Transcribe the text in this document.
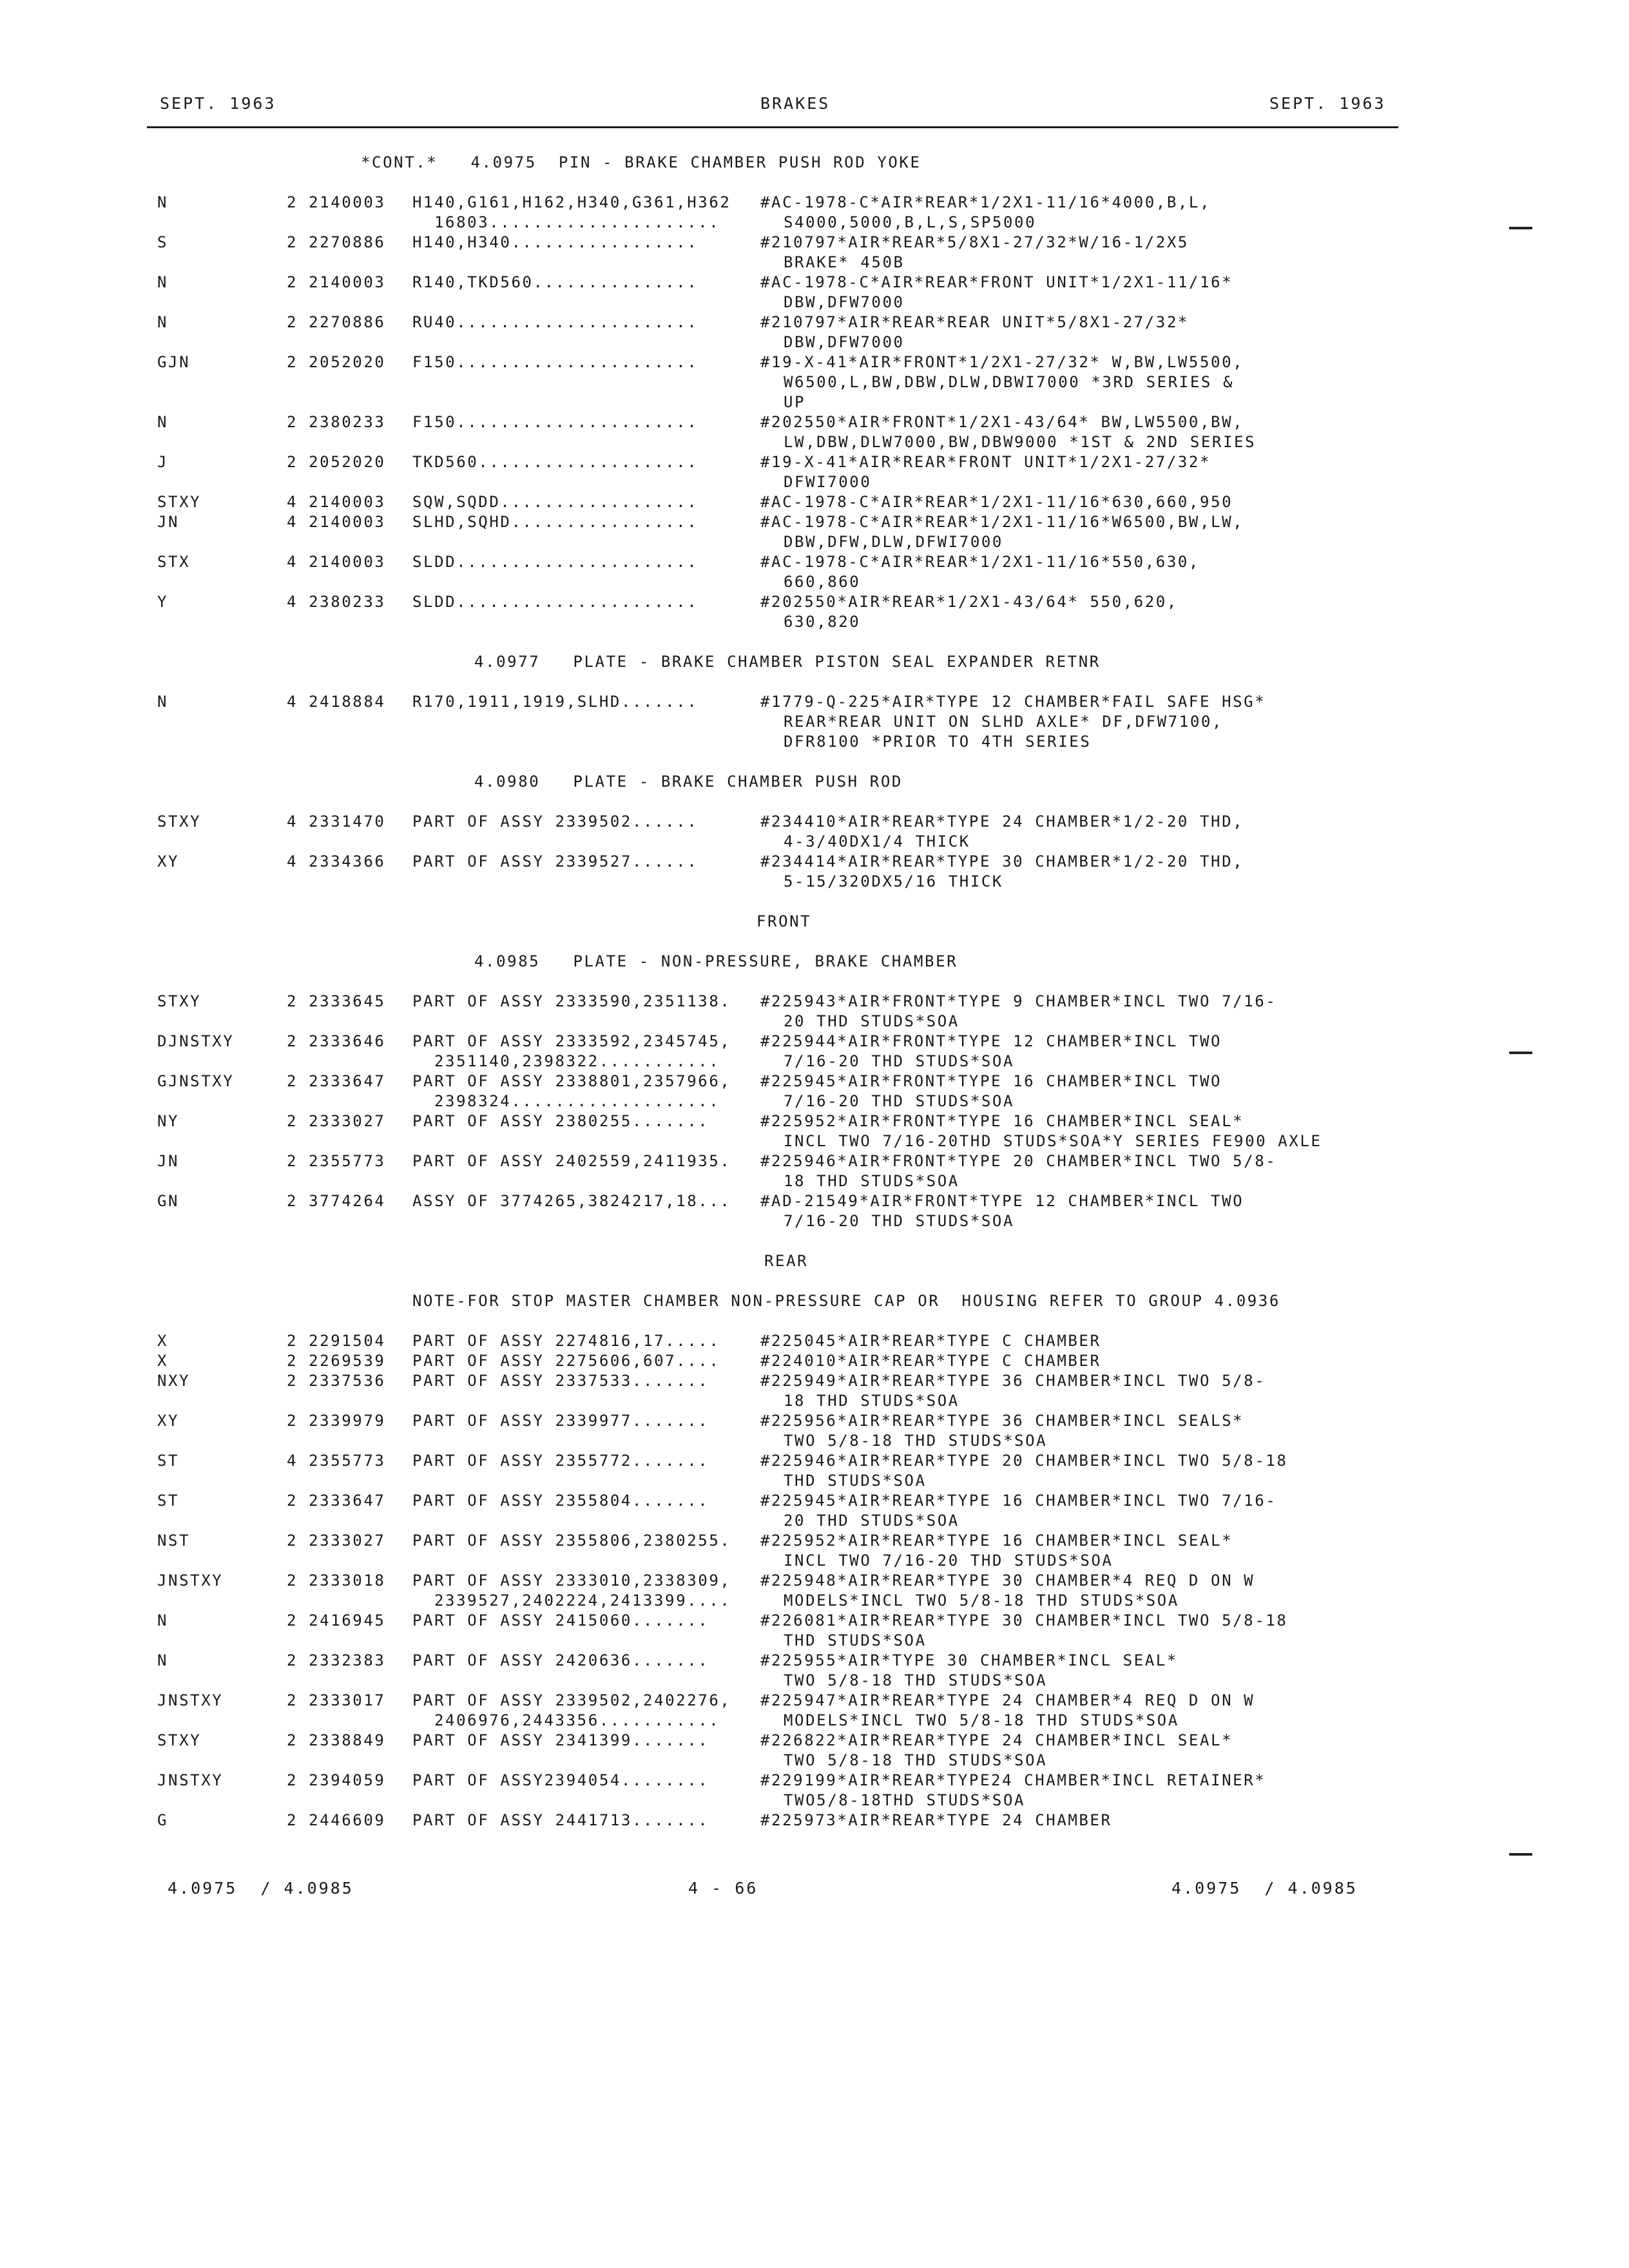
SEPT. 1963	BRAKES	SEPT. 1963
*CONT.*   4.0975  PIN - BRAKE CHAMBER PUSH ROD YOKE
N	2 2140003 H140,G161,H162,H340,G361,H362 #AC-1978-C*AIR*REAR*1/2X1-11/16*4000,B,L,
16803.....................	S4000,5000,B,L,S,SP5000
S	2 2270886 H140,H340.................	#210797*AIR*REAR*5/8X1-27/32*W/16-1/2X5
BRAKE* 450B
N	2 2140003 R140,TKD560...............	#AC-1978-C*AIR*REAR*FRONT UNIT*1/2X1-11/16*
DBW,DFW7000
N	2 2270886 RU40......................	#210797*AIR*REAR*REAR UNIT*5/8X1-27/32*
DBW,DFW7000
GJN	2 2052020 F150......................	#19-X-41*AIR*FRONT*1/2X1-27/32* W,BW,LW5500,
W6500,L,BW,DBW,DLW,DBWI7000 *3RD SERIES &
UP
N	2 2380233 F150......................	#202550*AIR*FRONT*1/2X1-43/64* BW,LW5500,BW,
LW,DBW,DLW7000,BW,DBW9000 *1ST & 2ND SERIES
J	2 2052020 TKD560....................	#19-X-41*AIR*REAR*FRONT UNIT*1/2X1-27/32*
DFWI7000
STXY	4 2140003 SQW,SQDD..................	#AC-1978-C*AIR*REAR*1/2X1-11/16*630,660,950
JN	4 2140003 SLHD,SQHD.................	#AC-1978-C*AIR*REAR*1/2X1-11/16*W6500,BW,LW,
DBW,DFW,DLW,DFWI7000
STX	4 2140003 SLDD......................	#AC-1978-C*AIR*REAR*1/2X1-11/16*550,630,
660,860
Y	4 2380233 SLDD......................	#202550*AIR*REAR*1/2X1-43/64* 550,620,
630,820
4.0977   PLATE - BRAKE CHAMBER PISTON SEAL EXPANDER RETNR
N	4 2418884 R170,1911,1919,SLHD.......	#1779-Q-225*AIR*TYPE 12 CHAMBER*FAIL SAFE HSG*
REAR*REAR UNIT ON SLHD AXLE* DF,DFW7100,
DFR8100 *PRIOR TO 4TH SERIES
4.0980   PLATE - BRAKE CHAMBER PUSH ROD
STXY	4 2331470 PART OF ASSY 2339502......	#234410*AIR*REAR*TYPE 24 CHAMBER*1/2-20 THD,
4-3/40DX1/4 THICK
XY	4 2334366 PART OF ASSY 2339527......	#234414*AIR*REAR*TYPE 30 CHAMBER*1/2-20 THD,
5-15/320DX5/16 THICK
FRONT
4.0985   PLATE - NON-PRESSURE, BRAKE CHAMBER
STXY	2 2333645 PART OF ASSY 2333590,2351138. #225943*AIR*FRONT*TYPE 9 CHAMBER*INCL TWO 7/16-
20 THD STUDS*SOA
DJNSTXY	2 2333646 PART OF ASSY 2333592,2345745, #225944*AIR*FRONT*TYPE 12 CHAMBER*INCL TWO
2351140,2398322...........	7/16-20 THD STUDS*SOA
GJNSTXY	2 2333647 PART OF ASSY 2338801,2357966, #225945*AIR*FRONT*TYPE 16 CHAMBER*INCL TWO
2398324...................	7/16-20 THD STUDS*SOA
NY	2 2333027 PART OF ASSY 2380255.......	#225952*AIR*FRONT*TYPE 16 CHAMBER*INCL SEAL*
INCL TWO 7/16-20THD STUDS*SOA*Y SERIES FE900 AXLE
JN	2 2355773 PART OF ASSY 2402559,2411935. #225946*AIR*FRONT*TYPE 20 CHAMBER*INCL TWO 5/8-
18 THD STUDS*SOA
GN	2 3774264 ASSY OF 3774265,3824217,18... #AD-21549*AIR*FRONT*TYPE 12 CHAMBER*INCL TWO
7/16-20 THD STUDS*SOA
REAR
NOTE-FOR STOP MASTER CHAMBER NON-PRESSURE CAP OR  HOUSING REFER TO GROUP 4.0936
X	2 2291504 PART OF ASSY 2274816,17.....	#225045*AIR*REAR*TYPE C CHAMBER
X	2 2269539 PART OF ASSY 2275606,607....	#224010*AIR*REAR*TYPE C CHAMBER
NXY	2 2337536 PART OF ASSY 2337533.......	#225949*AIR*REAR*TYPE 36 CHAMBER*INCL TWO 5/8-
18 THD STUDS*SOA
XY	2 2339979 PART OF ASSY 2339977.......	#225956*AIR*REAR*TYPE 36 CHAMBER*INCL SEALS*
TWO 5/8-18 THD STUDS*SOA
ST	4 2355773 PART OF ASSY 2355772.......	#225946*AIR*REAR*TYPE 20 CHAMBER*INCL TWO 5/8-18
THD STUDS*SOA
ST	2 2333647 PART OF ASSY 2355804.......	#225945*AIR*REAR*TYPE 16 CHAMBER*INCL TWO 7/16-
20 THD STUDS*SOA
NST	2 2333027 PART OF ASSY 2355806,2380255. #225952*AIR*REAR*TYPE 16 CHAMBER*INCL SEAL*
INCL TWO 7/16-20 THD STUDS*SOA
JNSTXY	2 2333018 PART OF ASSY 2333010,2338309, #225948*AIR*REAR*TYPE 30 CHAMBER*4 REQ D ON W
2339527,2402224,2413399....	MODELS*INCL TWO 5/8-18 THD STUDS*SOA
N	2 2416945 PART OF ASSY 2415060.......	#226081*AIR*REAR*TYPE 30 CHAMBER*INCL TWO 5/8-18
THD STUDS*SOA
N	2 2332383 PART OF ASSY 2420636.......	#225955*AIR*TYPE 30 CHAMBER*INCL SEAL*
TWO 5/8-18 THD STUDS*SOA
JNSTXY	2 2333017 PART OF ASSY 2339502,2402276, #225947*AIR*REAR*TYPE 24 CHAMBER*4 REQ D ON W
2406976,2443356...........	MODELS*INCL TWO 5/8-18 THD STUDS*SOA
STXY	2 2338849 PART OF ASSY 2341399.......	#226822*AIR*REAR*TYPE 24 CHAMBER*INCL SEAL*
TWO 5/8-18 THD STUDS*SOA
JNSTXY	2 2394059 PART OF ASSY2394054........	#229199*AIR*REAR*TYPE24 CHAMBER*INCL RETAINER*
TWO5/8-18THD STUDS*SOA
G	2 2446609 PART OF ASSY 2441713.......	#225973*AIR*REAR*TYPE 24 CHAMBER
4.0975  / 4.0985	4 - 66	4.0975  / 4.0985
